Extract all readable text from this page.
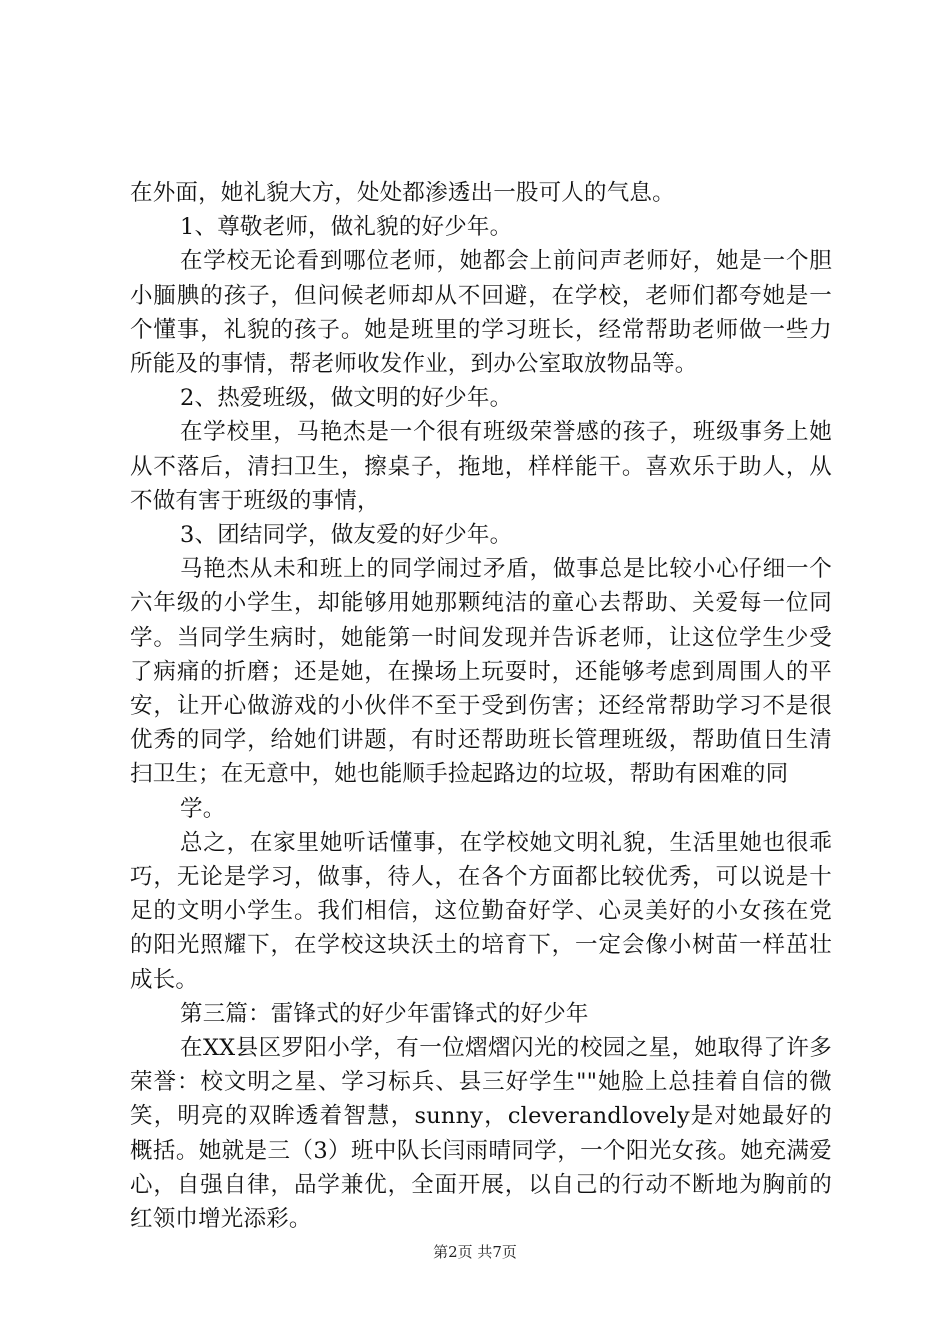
在外面，她礼貌大方，处处都渗透出一股可人的气息。

1、尊敬老师，做礼貌的好少年。

在学校无论看到哪位老师，她都会上前问声老师好，她是一个胆小腼腆的孩子，但问候老师却从不回避，在学校，老师们都夸她是一个懂事，礼貌的孩子。她是班里的学习班长，经常帮助老师做一些力所能及的事情，帮老师收发作业，到办公室取放物品等。

2、热爱班级，做文明的好少年。

在学校里，马艳杰是一个很有班级荣誉感的孩子，班级事务上她从不落后，清扫卫生，擦桌子，拖地，样样能干。喜欢乐于助人，从不做有害于班级的事情，

3、团结同学，做友爱的好少年。

马艳杰从未和班上的同学闹过矛盾，做事总是比较小心仔细一个六年级的小学生，却能够用她那颗纯洁的童心去帮助、关爱每一位同学。当同学生病时，她能第一时间发现并告诉老师，让这位学生少受了病痛的折磨；还是她，在操场上玩耍时，还能够考虑到周围人的平安，让开心做游戏的小伙伴不至于受到伤害；还经常帮助学习不是很优秀的同学，给她们讲题，有时还帮助班长管理班级，帮助值日生清扫卫生；在无意中，她也能顺手捡起路边的垃圾，帮助有困难的同

学。

总之，在家里她听话懂事，在学校她文明礼貌，生活里她也很乖巧，无论是学习，做事，待人，在各个方面都比较优秀，可以说是十足的文明小学生。我们相信，这位勤奋好学、心灵美好的小女孩在党的阳光照耀下，在学校这块沃土的培育下，一定会像小树苗一样茁壮成长。

第三篇：雷锋式的好少年雷锋式的好少年

在XX县区罗阳小学，有一位熠熠闪光的校园之星，她取得了许多荣誉：校文明之星、学习标兵、县三好学生""她脸上总挂着自信的微笑，明亮的双眸透着智慧，sunny，cleverandlovely是对她最好的概括。她就是三（3）班中队长闫雨晴同学，一个阳光女孩。她充满爱心，自强自律，品学兼优，全面开展，以自己的行动不断地为胸前的红领巾增光添彩。

第2页 共7页
